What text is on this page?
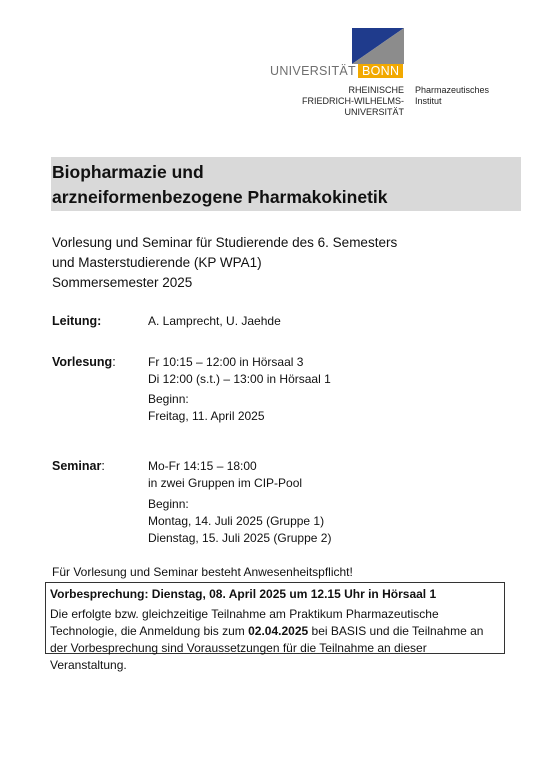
UNIVERSITÄT BONN
RHEINISCHE
FRIEDRICH-WILHELMS-
UNIVERSITÄT
Pharmazeutisches
Institut
Biopharmazie und
arzneiformenbezogene Pharmakokinetik
Vorlesung und Seminar für Studierende des 6. Semesters
und Masterstudierende (KP WPA1)
Sommersemester 2025
Leitung:	A. Lamprecht, U. Jaehde
Vorlesung:	Fr 10:15 – 12:00 in Hörsaal 3
Di 12:00 (s.t.) – 13:00 in Hörsaal 1
Beginn:
Freitag, 11. April 2025
Seminar:	Mo-Fr 14:15 – 18:00
in zwei Gruppen im CIP-Pool
Beginn:
Montag, 14. Juli 2025 (Gruppe 1)
Dienstag, 15. Juli 2025 (Gruppe 2)
Für Vorlesung und Seminar besteht Anwesenheitspflicht!
Vorbesprechung: Dienstag, 08. April 2025 um 12.15 Uhr in Hörsaal 1
Die erfolgte bzw. gleichzeitige Teilnahme am Praktikum Pharmazeutische Technologie, die Anmeldung bis zum 02.04.2025 bei BASIS und die Teilnahme an der Vorbesprechung sind Voraussetzungen für die Teilnahme an dieser Veranstaltung.
